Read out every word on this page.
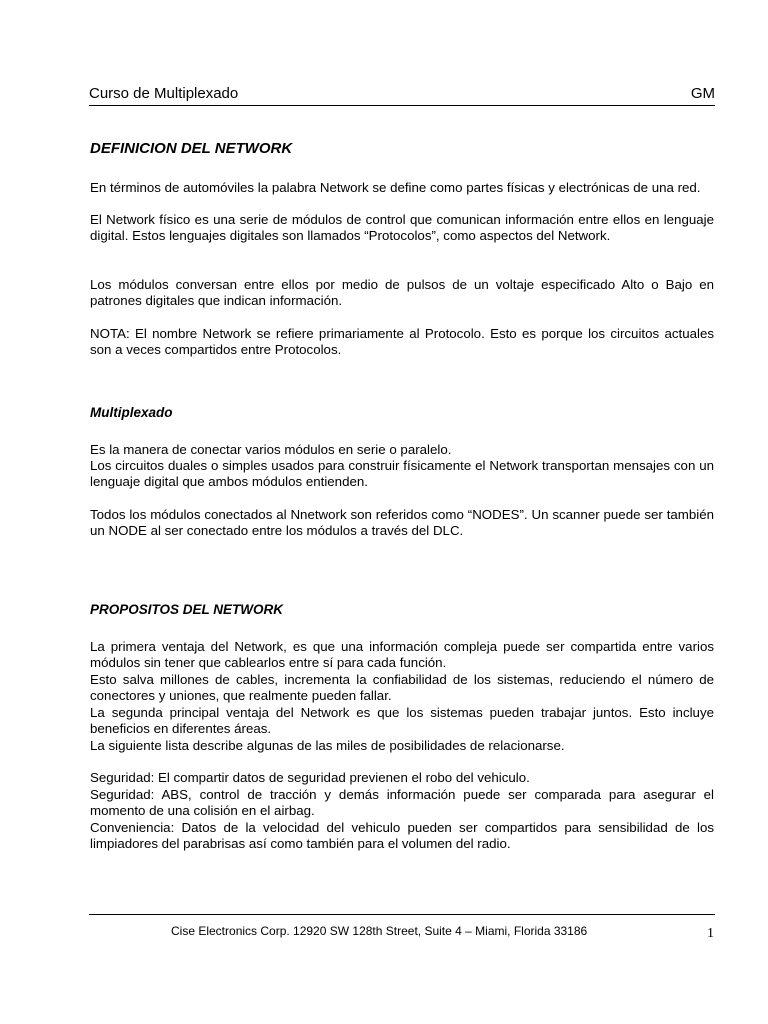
Curso de Multiplexado	GM
DEFINICION DEL NETWORK

En términos de automóviles la palabra Network se define como partes físicas y electrónicas de una red.

El Network físico es una serie de módulos de control que comunican información entre ellos en lenguaje digital. Estos lenguajes digitales son llamados “Protocolos”, como aspectos del Network.

Los módulos conversan entre ellos por medio de pulsos de un voltaje especificado Alto o Bajo en patrones digitales que indican información.

NOTA: El nombre Network se refiere primariamente al Protocolo. Esto es porque los circuitos actuales son a veces compartidos entre Protocolos.

Multiplexado

Es la manera de conectar varios módulos en serie o paralelo.

Los circuitos duales o simples usados para construir físicamente el Network transportan mensajes con un lenguaje digital que ambos módulos entienden.

Todos los módulos conectados al Nnetwork son referidos como “NODES”. Un scanner puede ser también un NODE al ser conectado entre los módulos a través del DLC.

PROPOSITOS DEL NETWORK

La primera ventaja del Network, es que una información compleja puede ser compartida entre varios módulos sin tener que cablearlos entre sí para cada función.

Esto salva millones de cables, incrementa la confiabilidad de los sistemas, reduciendo el número de conectores y uniones, que realmente pueden fallar.

La segunda principal ventaja del Network es que los sistemas pueden trabajar juntos. Esto incluye beneficios en diferentes áreas.

La siguiente lista describe algunas de las miles de posibilidades de relacionarse.

Seguridad: El compartir datos de seguridad previenen el robo del vehiculo.

Seguridad: ABS, control de tracción y demás información puede ser comparada para asegurar el momento de una colisión en el airbag.

Conveniencia: Datos de la velocidad del vehiculo pueden ser compartidos para sensibilidad de los limpiadores del parabrisas así como también para el volumen del radio.

Cise Electronics Corp. 12920 SW 128th Street, Suite 4 – Miami, Florida 33186	1
